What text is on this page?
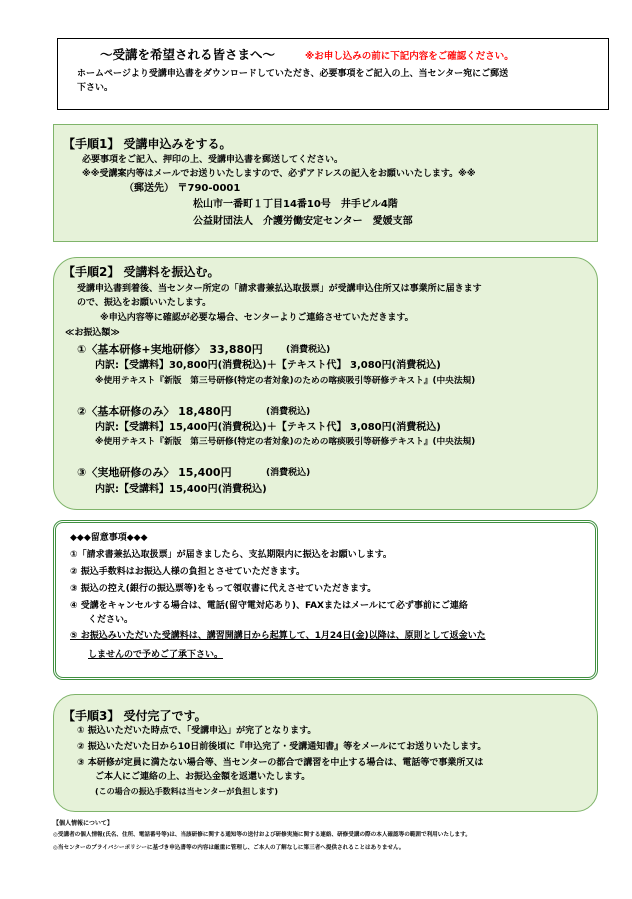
～受講を希望される皆さまへ～	※お申し込みの前に下記内容をご確認ください。
ホームページより受講申込書をダウンロードしていただき、必要事項をご記入の上、当センター宛にご郵送
下さい。
【手順1】 受講申込みをする。
必要事項をご記入、押印の上、受講申込書を郵送してください。
※※受講案内等はメールでお送りいたしますので、必ずアドレスの記入をお願いいたします。※※
（郵送先） 〒790-0001
松山市一番町１丁目14番10号　井手ビル4階
公益財団法人　介護労働安定センター　愛媛支部
【手順2】 受講料を振込む。
受講申込書到着後、当センター所定の「請求書兼払込取扱票」が受講申込住所又は事業所に届きます
ので、振込をお願いいたします。
※申込内容等に確認が必要な場合、センターよりご連絡させていただきます。
≪お振込額≫
①〈基本研修+実地研修〉 33,880円	(消費税込)
内訳:【受講料】30,800円(消費税込)＋【テキスト代】 3,080円(消費税込)
※使用テキスト『新版　第三号研修(特定の者対象)のための喀痰吸引等研修テキスト』(中央法規)
②〈基本研修のみ〉 18,480円	(消費税込)
内訳:【受講料】15,400円(消費税込)＋【テキスト代】 3,080円(消費税込)
※使用テキスト『新版　第三号研修(特定の者対象)のための喀痰吸引等研修テキスト』(中央法規)
③〈実地研修のみ〉 15,400円	(消費税込)
内訳:【受講料】15,400円(消費税込)
◆◆◆留意事項◆◆◆
①「請求書兼払込取扱票」が届きましたら、支払期限内に振込をお願いします。
② 振込手数料はお振込人様の負担とさせていただきます。
③ 振込の控え(銀行の振込票等)をもって領収書に代えさせていただきます。
④ 受講をキャンセルする場合は、電話(留守電対応あり)、FAXまたはメールにて必ず事前にご連絡
ください。
⑤ お振込みいただいた受講料は、講習開講日から起算して、1月24日(金)以降は、原則として返金いた
しませんので予めご了承下さい。
【手順3】 受付完了です。
① 振込いただいた時点で、「受講申込」が完了となります。
② 振込いただいた日から10日前後頃に『申込完了・受講通知書』等をメールにてお送りいたします。
③ 本研修が定員に満たない場合等、当センターの都合で講習を中止する場合は、電話等で事業所又は
ご本人にご連絡の上、お振込金額を返還いたします。
(この場合の振込手数料は当センターが負担します)
【個人情報について】
◎受講者の個人情報(氏名、住所、電話番号等)は、当該研修に関する通知等の送付および研修実施に関する連絡、研修受講の際の本人確認等の範囲で利用いたします。
◎当センターのプライバシーポリシーに基づき申込書等の内容は厳重に管理し、ご本人の了解なしに第三者へ提供されることはありません。
